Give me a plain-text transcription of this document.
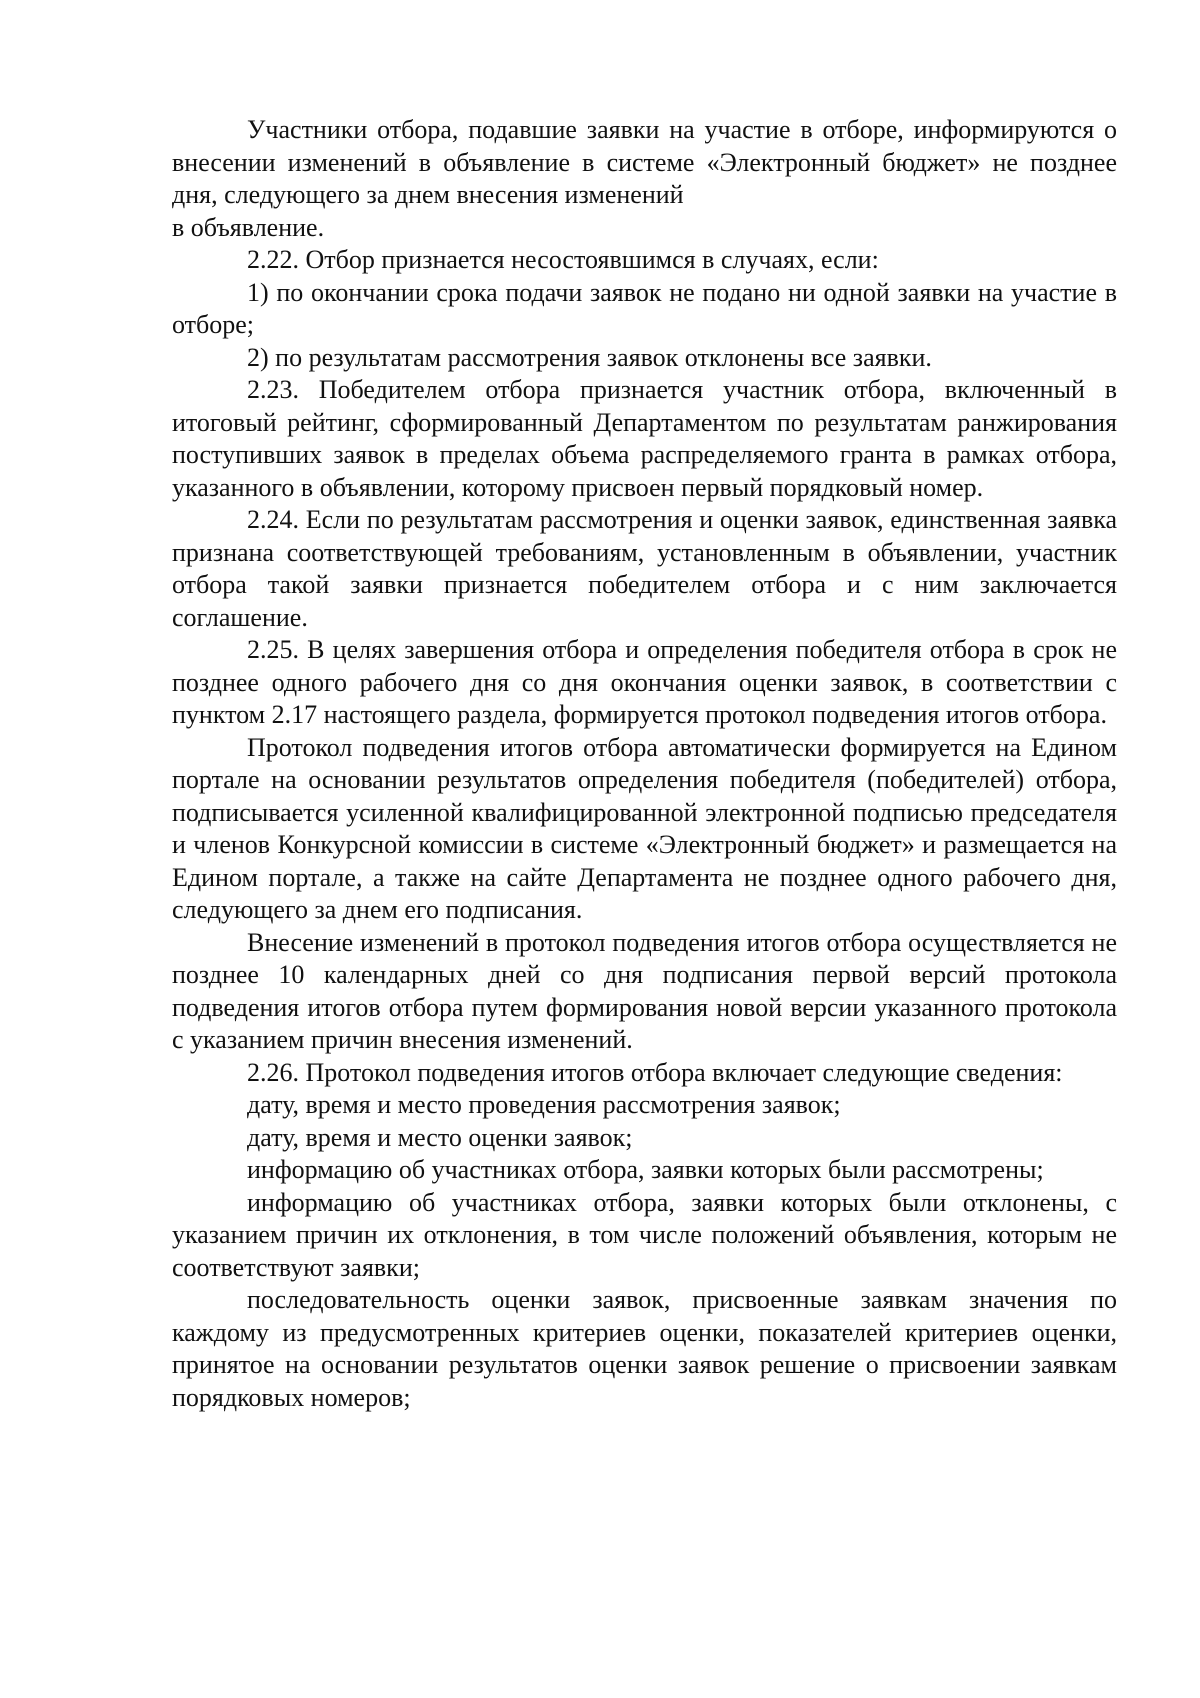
Участники отбора, подавшие заявки на участие в отборе, информируются о внесении изменений в объявление в системе «Электронный бюджет» не позднее дня, следующего за днем внесения изменений

в объявление.

2.22. Отбор признается несостоявшимся в случаях, если:

1) по окончании срока подачи заявок не подано ни одной заявки на участие в отборе;

2) по результатам рассмотрения заявок отклонены все заявки.

2.23. Победителем отбора признается участник отбора, включенный в итоговый рейтинг, сформированный Департаментом по результатам ранжирования поступивших заявок в пределах объема распределяемого гранта в рамках отбора, указанного в объявлении, которому присвоен первый порядковый номер.

2.24. Если по результатам рассмотрения и оценки заявок, единственная заявка признана соответствующей требованиям, установленным в объявлении, участник отбора такой заявки признается победителем отбора и с ним заключается соглашение.

2.25. В целях завершения отбора и определения победителя отбора в срок не позднее одного рабочего дня со дня окончания оценки заявок, в соответствии с пунктом 2.17 настоящего раздела, формируется протокол подведения итогов отбора.

Протокол подведения итогов отбора автоматически формируется на Едином портале на основании результатов определения победителя (победителей) отбора, подписывается усиленной квалифицированной электронной подписью председателя и членов Конкурсной комиссии в системе «Электронный бюджет» и размещается на Едином портале, а также на сайте Департамента не позднее одного рабочего дня, следующего за днем его подписания.

Внесение изменений в протокол подведения итогов отбора осуществляется не позднее 10 календарных дней со дня подписания первой версий протокола подведения итогов отбора путем формирования новой версии указанного протокола с указанием причин внесения изменений.

2.26. Протокол подведения итогов отбора включает следующие сведения:

дату, время и место проведения рассмотрения заявок;

дату, время и место оценки заявок;

информацию об участниках отбора, заявки которых были рассмотрены;

информацию об участниках отбора, заявки которых были отклонены, с указанием причин их отклонения, в том числе положений объявления, которым не соответствуют заявки;

последовательность оценки заявок, присвоенные заявкам значения по каждому из предусмотренных критериев оценки, показателей критериев оценки, принятое на основании результатов оценки заявок решение о присвоении заявкам порядковых номеров;
